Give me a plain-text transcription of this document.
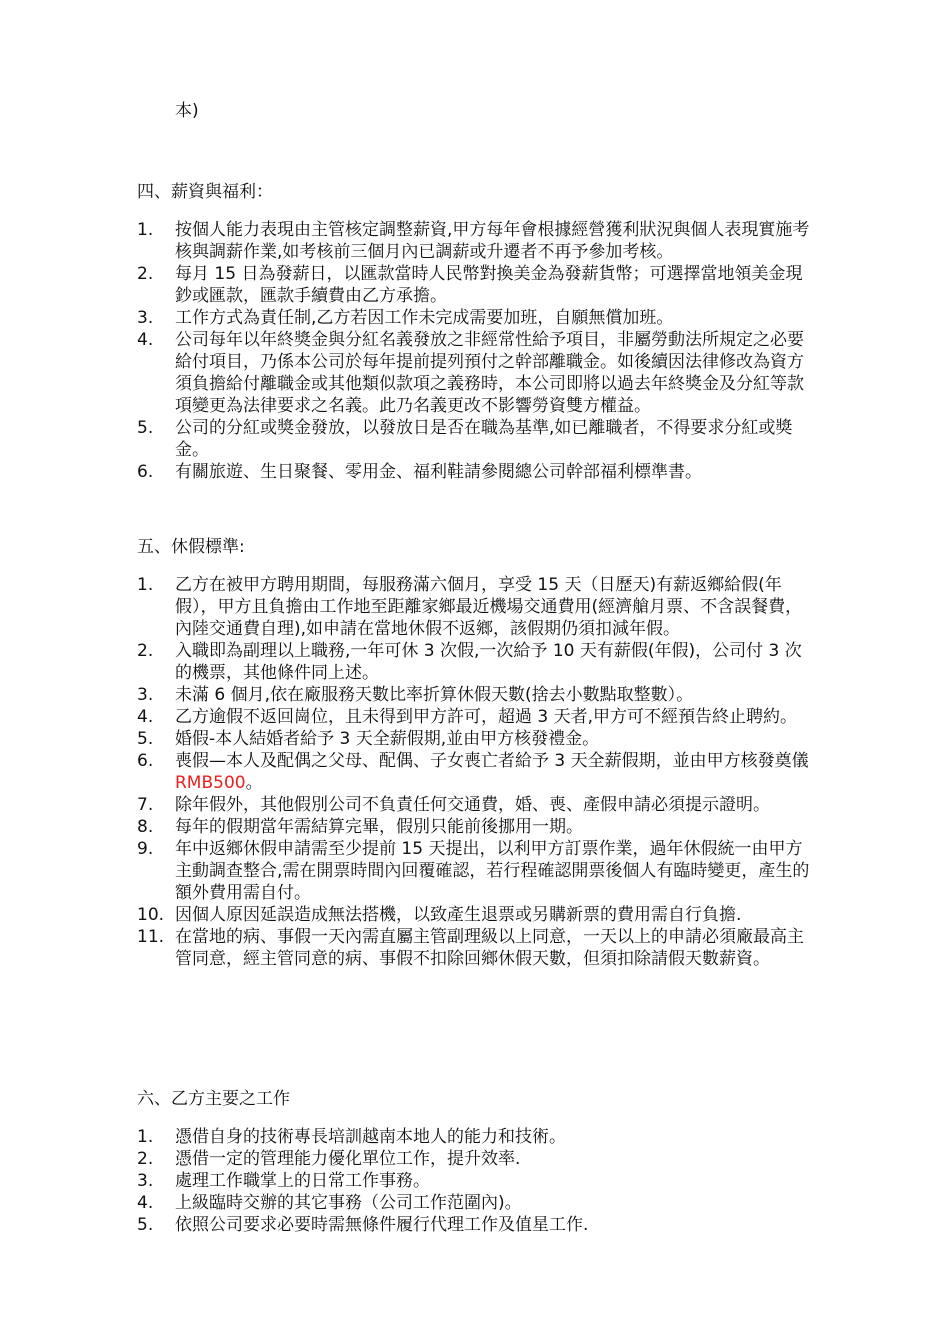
本)
四、薪資與福利：
1.	按個人能力表現由主管核定調整薪資,甲方每年會根據經營獲利狀況與個人表現實施考核與調薪作業,如考核前三個月內已調薪或升遷者不再予參加考核。
2.	每月 15 日為發薪日，以匯款當時人民幣對換美金為發薪貨幣；可選擇當地領美金現鈔或匯款，匯款手續費由乙方承擔。
3.	工作方式為責任制,乙方若因工作未完成需要加班，自願無償加班。
4.	公司每年以年終獎金與分紅名義發放之非經常性給予項目，非屬勞動法所規定之必要給付項目，乃係本公司於每年提前提列預付之幹部離職金。如後續因法律修改為資方須負擔給付離職金或其他類似款項之義務時，本公司即將以過去年終獎金及分紅等款項變更為法律要求之名義。此乃名義更改不影響勞資雙方權益。
5.	公司的分紅或獎金發放，以發放日是否在職為基準,如已離職者，不得要求分紅或獎金。
6.	有關旅遊、生日聚餐、零用金、福利鞋請參閱總公司幹部福利標準書。
五、休假標準:
1.	乙方在被甲方聘用期間，每服務滿六個月，享受 15 天（日歷天)有薪返鄉給假(年假），甲方且負擔由工作地至距離家鄉最近機場交通費用(經濟艙月票、不含誤餐費，內陸交通費自理),如申請在當地休假不返鄉，該假期仍須扣減年假。
2.	入職即為副理以上職務,一年可休 3 次假,一次給予 10 天有薪假(年假)，公司付 3 次的機票，其他條件同上述。
3.	未滿 6 個月,依在廠服務天數比率折算休假天數(捨去小數點取整數）。
4.	乙方逾假不返回崗位，且未得到甲方許可，超過 3 天者,甲方可不經預告終止聘約。
5.	婚假-本人結婚者給予 3 天全薪假期,並由甲方核發禮金。
6.	喪假—本人及配偶之父母、配偶、子女喪亡者給予 3 天全薪假期，並由甲方核發奠儀 RMB500。
7.	除年假外，其他假別公司不負責任何交通費，婚、喪、產假申請必須提示證明。
8.	每年的假期當年需結算完畢，假別只能前後挪用一期。
9.	年中返鄉休假申請需至少提前 15 天提出，以利甲方訂票作業，過年休假統一由甲方主動調查整合,需在開票時間內回覆確認，若行程確認開票後個人有臨時變更，產生的額外費用需自付。
10. 因個人原因延誤造成無法搭機，以致產生退票或另購新票的費用需自行負擔.
11. 在當地的病、事假一天內需直屬主管副理級以上同意，一天以上的申請必須廠最高主管同意，經主管同意的病、事假不扣除回鄉休假天數，但須扣除請假天數薪資。
六、乙方主要之工作
1.	憑借自身的技術專長培訓越南本地人的能力和技術。
2.	憑借一定的管理能力優化單位工作，提升效率.
3.	處理工作職掌上的日常工作事務。
4.	上級臨時交辦的其它事務（公司工作范圍內)。
5.	依照公司要求必要時需無條件履行代理工作及值星工作.
